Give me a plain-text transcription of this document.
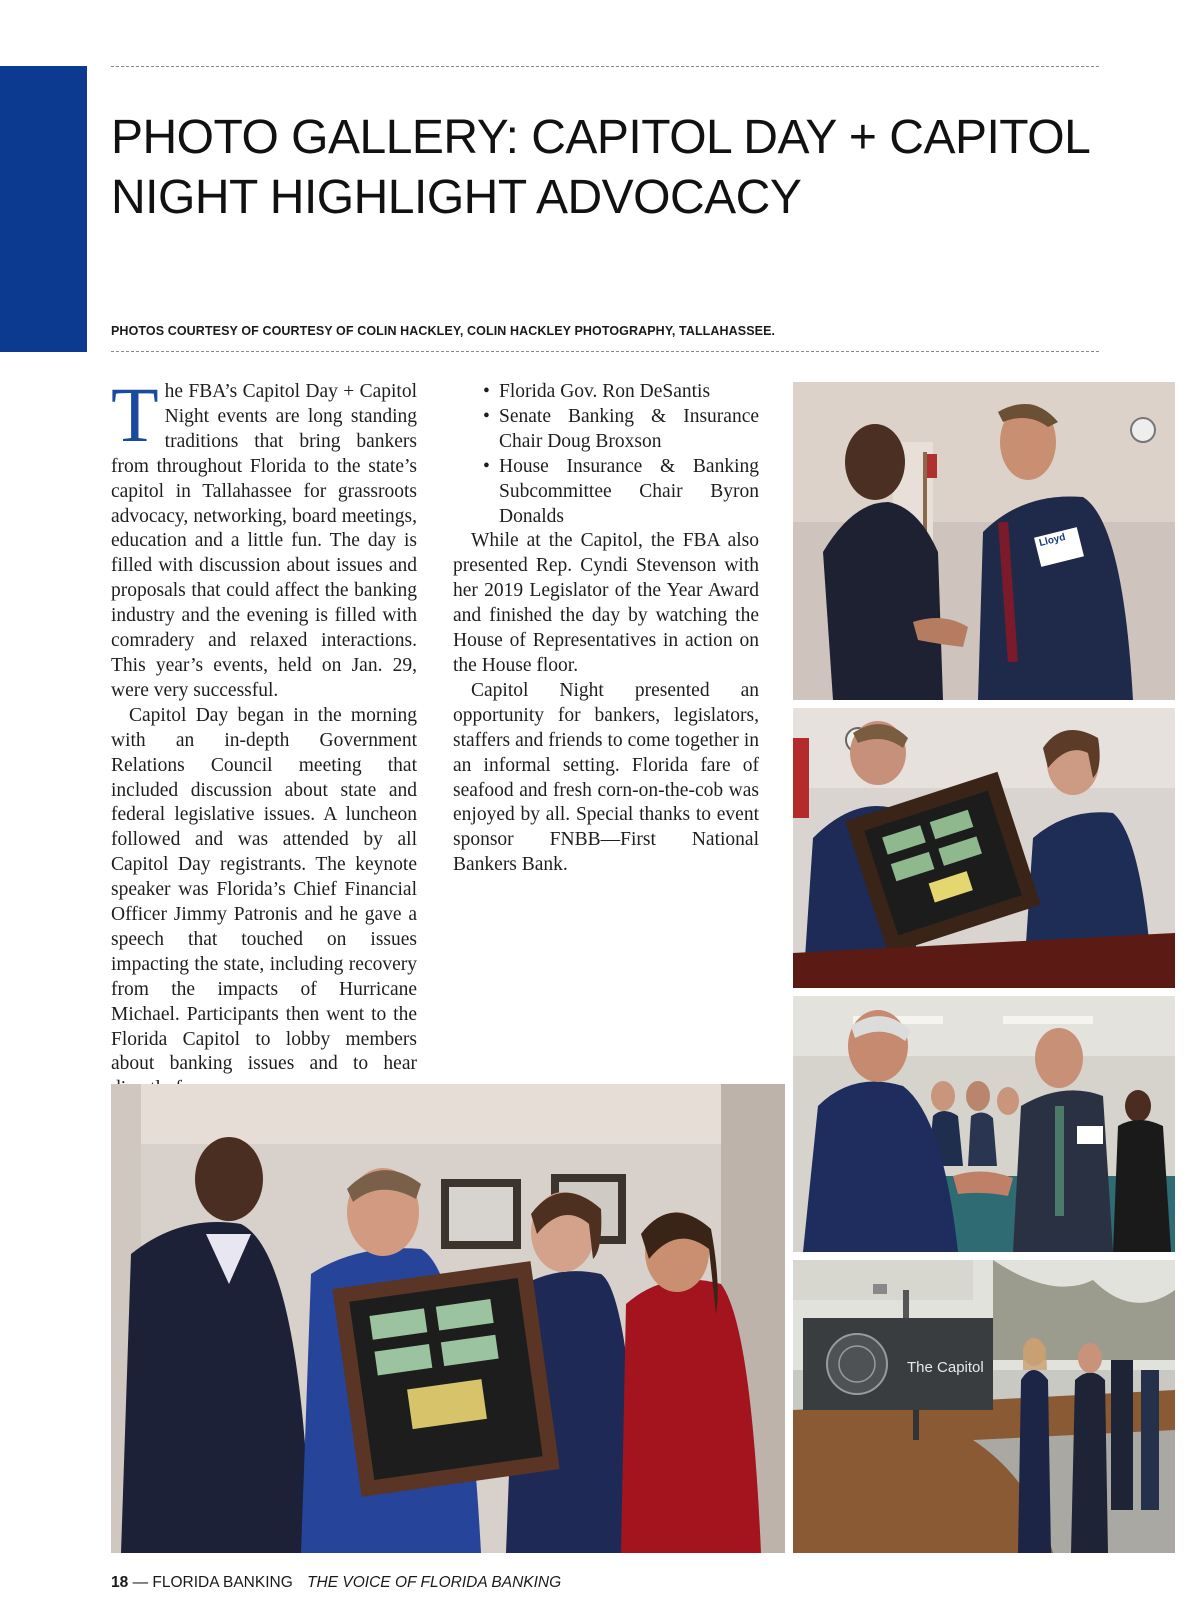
PHOTO GALLERY: CAPITOL DAY + CAPITOL
NIGHT HIGHLIGHT ADVOCACY
PHOTOS COURTESY OF COURTESY OF COLIN HACKLEY, COLIN HACKLEY PHOTOGRAPHY, TALLAHASSEE.

The FBA’s Capitol Day + Capitol Night events are long standing traditions that bring bankers from throughout Florida to the state’s capitol in Tallahassee for grassroots advocacy, networking, board meetings, education and a little fun. The day is filled with discussion about issues and proposals that could affect the banking industry and the evening is filled with comradery and relaxed interactions. This year’s events, held on Jan. 29, were very successful.

Capitol Day began in the morning with an in-depth Government Relations Council meeting that included discussion about state and federal legislative issues. A luncheon followed and was attended by all Capitol Day registrants. The keynote speaker was Florida’s Chief Financial Officer Jimmy Patronis and he gave a speech that touched on issues impacting the state, including recovery from the impacts of Hurricane Michael. Participants then went to the Florida Capitol to lobby members about banking issues and to hear

• Florida Gov. Ron DeSantis
• Senate Banking & Insurance Chair Doug Broxson
• House Insurance & Banking Subcommittee Chair Byron Donalds

While at the Capitol, the FBA also presented Rep. Cyndi Stevenson with her 2019 Legislator of the Year Award and finished the day by watching the House of Representatives in action on the House floor.

Capitol Night presented an opportunity for bankers, legislators, staffers and friends to come together in an informal setting. Florida fare of seafood and fresh corn-on-the-cob was enjoyed by all. Special thanks to event sponsor FNBB—First National Bankers Bank.

Lloyd
The Capitol
18 — FLORIDA BANKING THE VOICE OF FLORIDA BANKING
